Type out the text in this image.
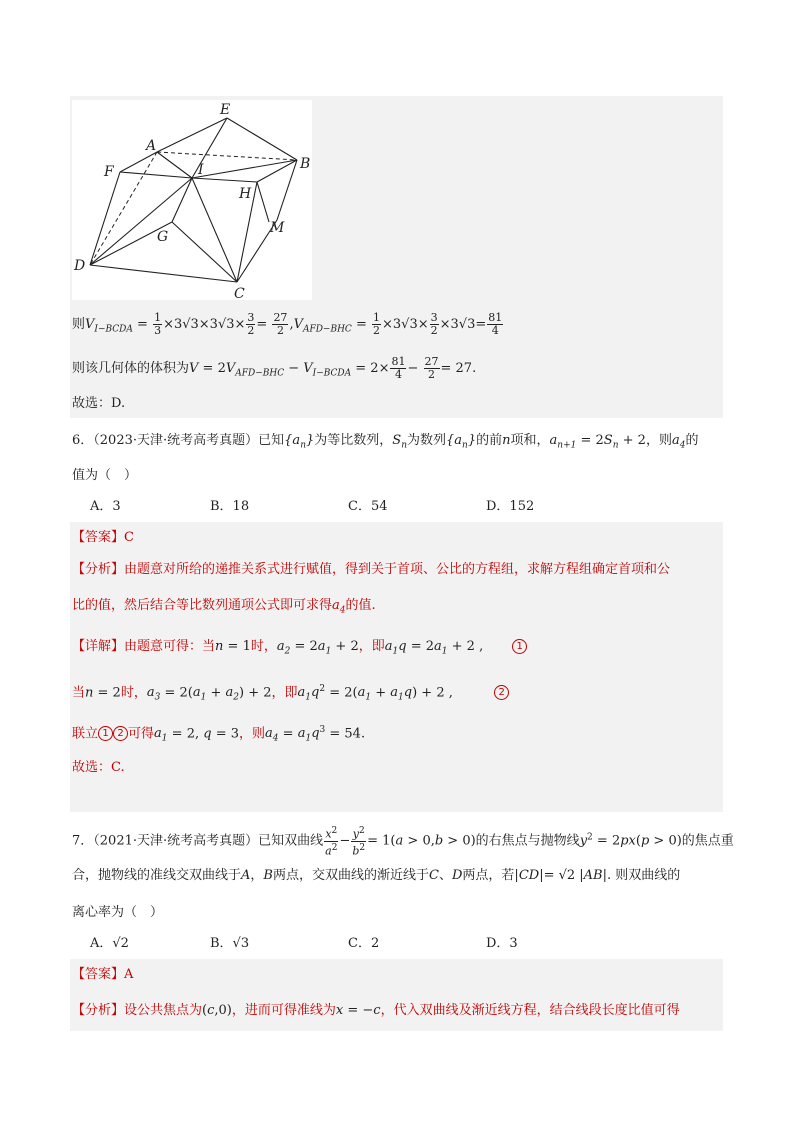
E
A
B
F	I
H
G
M
D
C
则$V_{I-BCDA} = \frac{1}{3} \times 3√3\times 3√3\times \frac{3}{2} = \frac{27}{2} ,V_{AFD-BHC} = \frac{1}{2} \times 3√3\times \frac{3}{2} \times 3√3= \frac{81}{4}$
则该几何体的体积为$V = 2V_{AFD-BHC} - V_{I-BCDA} = 2\times \frac{81}{4} - \frac{27}{2} = 27$.
故选：D.
6．（2023·天津·统考高考真题）已知$\{a_n\}$为等比数列，$S_n$为数列$\{a_n\}$的前n项和，$a_{n+1} = 2S_n + 2$，则$a_4$的
值为（　）
A．3	B．18	C．54	D．152
【答案】C
【分析】由题意对所给的递推关系式进行赋值，得到关于首项、公比的方程组，求解方程组确定首项和公
比的值，然后结合等比数列通项公式即可求得$a_4$的值.
【详解】由题意可得：当n = 1时，$a_2 = 2a_1 + 2$，即$a_1q = 2a_1 + 2$ ,       1
当n = 2时，$a_3 = 2(a_1 + a_2) + 2$，即$a_1q^2 = 2(a_1 + a_1q) + 2$ ,          2
联立 1 2 可得$a_1 = 2$, q = 3，则$a_4 = a_1q^3 = 54$.
故选：C.
7．（2021·天津·统考高考真题）已知双曲线 $\frac{x^2}{a^2} - \frac{y^2}{b^2} = 1(a > 0,b > 0)$的右焦点与抛物线$y^2 = 2px(p > 0)$的焦点重
合，抛物线的准线交双曲线于A，B两点，交双曲线的渐近线于C、D两点，若|CD|= √2 |AB|. 则双曲线的
离心率为（　）
A．√2	B．√3	C．2	D．3
【答案】A
【分析】设公共焦点为(c,0)，进而可得准线为x = −c，代入双曲线及渐近线方程，结合线段长度比值可得
